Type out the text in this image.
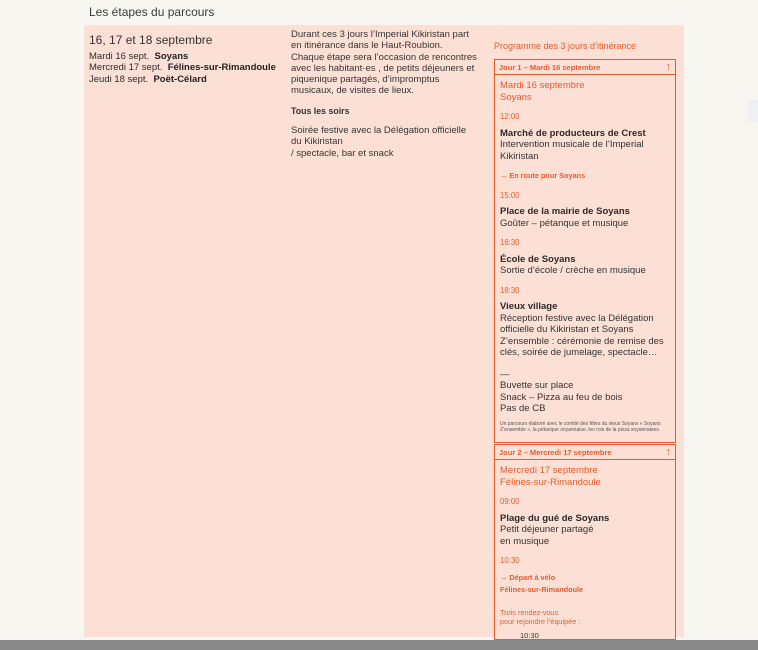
Les étapes du parcours
16, 17 et 18 septembre
Mardi 16 sept. Soyans
Mercredi 17 sept. Félines-sur-Rimandoule
Jeudi 18 sept. Poët-Célard
Durant ces 3 jours l’Imperial Kikiristan part en itinérance dans le Haut-Roubion. Chaque étape sera l’occasion de rencontres avec les habitant·es , de petits déjeuners et piquenique partagés, d’impromptus musicaux, de visites de lieux.
Tous les soirs
Soirée festive avec la Délégation officielle du Kikiristan
/ spectacle, bar et snack
Programme des 3 jours d’itinérance
Jour 1 – Mardi 16 septembre	↑
Mardi 16 septembre
Soyans
12:00
Marché de producteurs de Crest
Intervention musicale de l’Imperial Kikiristan
→ En route pour Soyans
15:00
Place de la mairie de Soyans
Goûter – pétanque et musique
16:30
École de Soyans
Sortie d’école / crèche en musique
18:30
Vieux village
Réception festive avec la Délégation officielle du Kikiristan et Soyans Z’ensemble : cérémonie de remise des clés, soirée de jumelage, spectacle…
—
Buvette sur place
Snack – Pizza au feu de bois
Pas de CB
Un parcours élaboré avec le comité des fêtes du vieux Soyans « Soyans Z’ensemble », la pétanque soyannaise, les rois de la pizza soyannaises.
Jour 2 – Mercredi 17 septembre	↑
Mercredi 17 septembre
Félines-sur-Rimandoule
09:00
Plage du gué de Soyans
Petit déjeuner partagé
en musique
10:30
→ Départ à vélo
Félines-sur-Rimandoule
Trois rendez-vous
pour rejoindre l’équipée :
10:30
